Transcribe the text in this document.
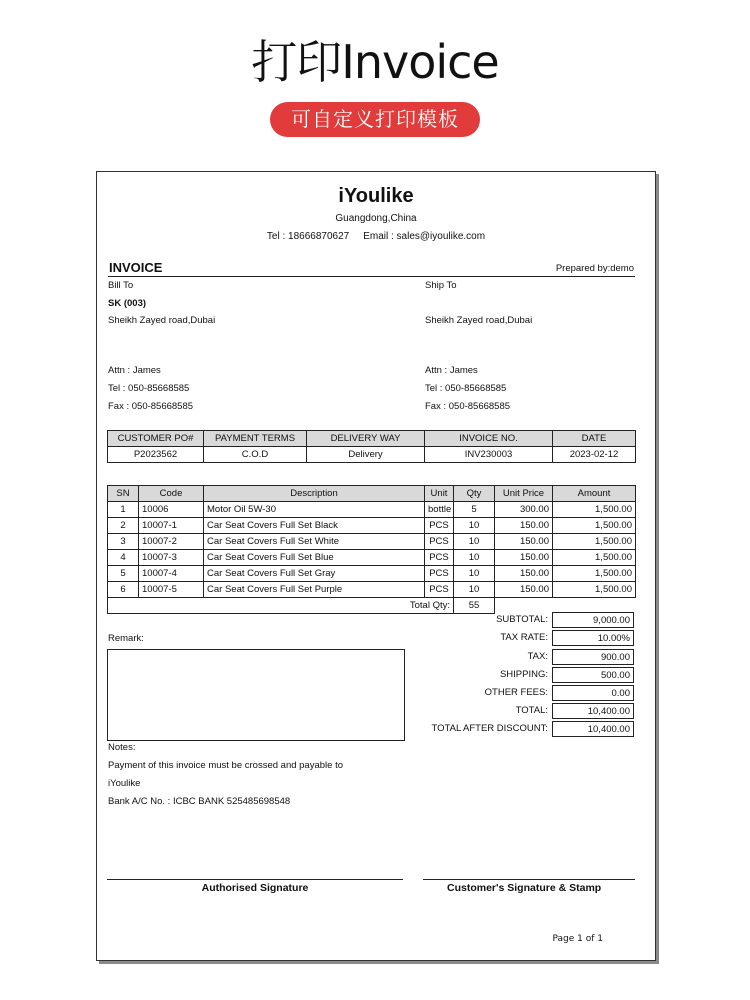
打印Invoice
可自定义打印模板
iYoulike
Guangdong,China
Tel : 18666870627 Email : sales@iyoulike.com
INVOICE	Prepared by:demo
Bill To
SK (003)
Sheikh Zayed road,Dubai
Attn : James
Tel : 050-85668585
Fax : 050-85668585
Ship To
Sheikh Zayed road,Dubai
Attn : James
Tel : 050-85668585
Fax : 050-85668585
CUSTOMER PO#	PAYMENT TERMS	DELIVERY WAY	INVOICE NO.	DATE
P2023562	C.O.D	Delivery	INV230003	2023-02-12
SN	Code	Description	Unit	Qty	Unit Price	Amount
1	10006	Motor Oil 5W-30	bottle	5	300.00	1,500.00
2	10007-1	Car Seat Covers Full Set Black	PCS	10	150.00	1,500.00
3	10007-2	Car Seat Covers Full Set White	PCS	10	150.00	1,500.00
4	10007-3	Car Seat Covers Full Set Blue	PCS	10	150.00	1,500.00
5	10007-4	Car Seat Covers Full Set Gray	PCS	10	150.00	1,500.00
6	10007-5	Car Seat Covers Full Set Purple	PCS	10	150.00	1,500.00
Total Qty:				55		
SUBTOTAL:	9,000.00
TAX RATE:	10.00%
TAX:	900.00
SHIPPING:	500.00
OTHER FEES:	0.00
TOTAL:	10,400.00
TOTAL AFTER DISCOUNT:	10,400.00
Remark:
Notes:
Payment of this invoice must be crossed and payable to
iYoulike
Bank A/C No. : ICBC BANK 525485698548
Authorised Signature	Customer's Signature & Stamp
Page 1 of 1
